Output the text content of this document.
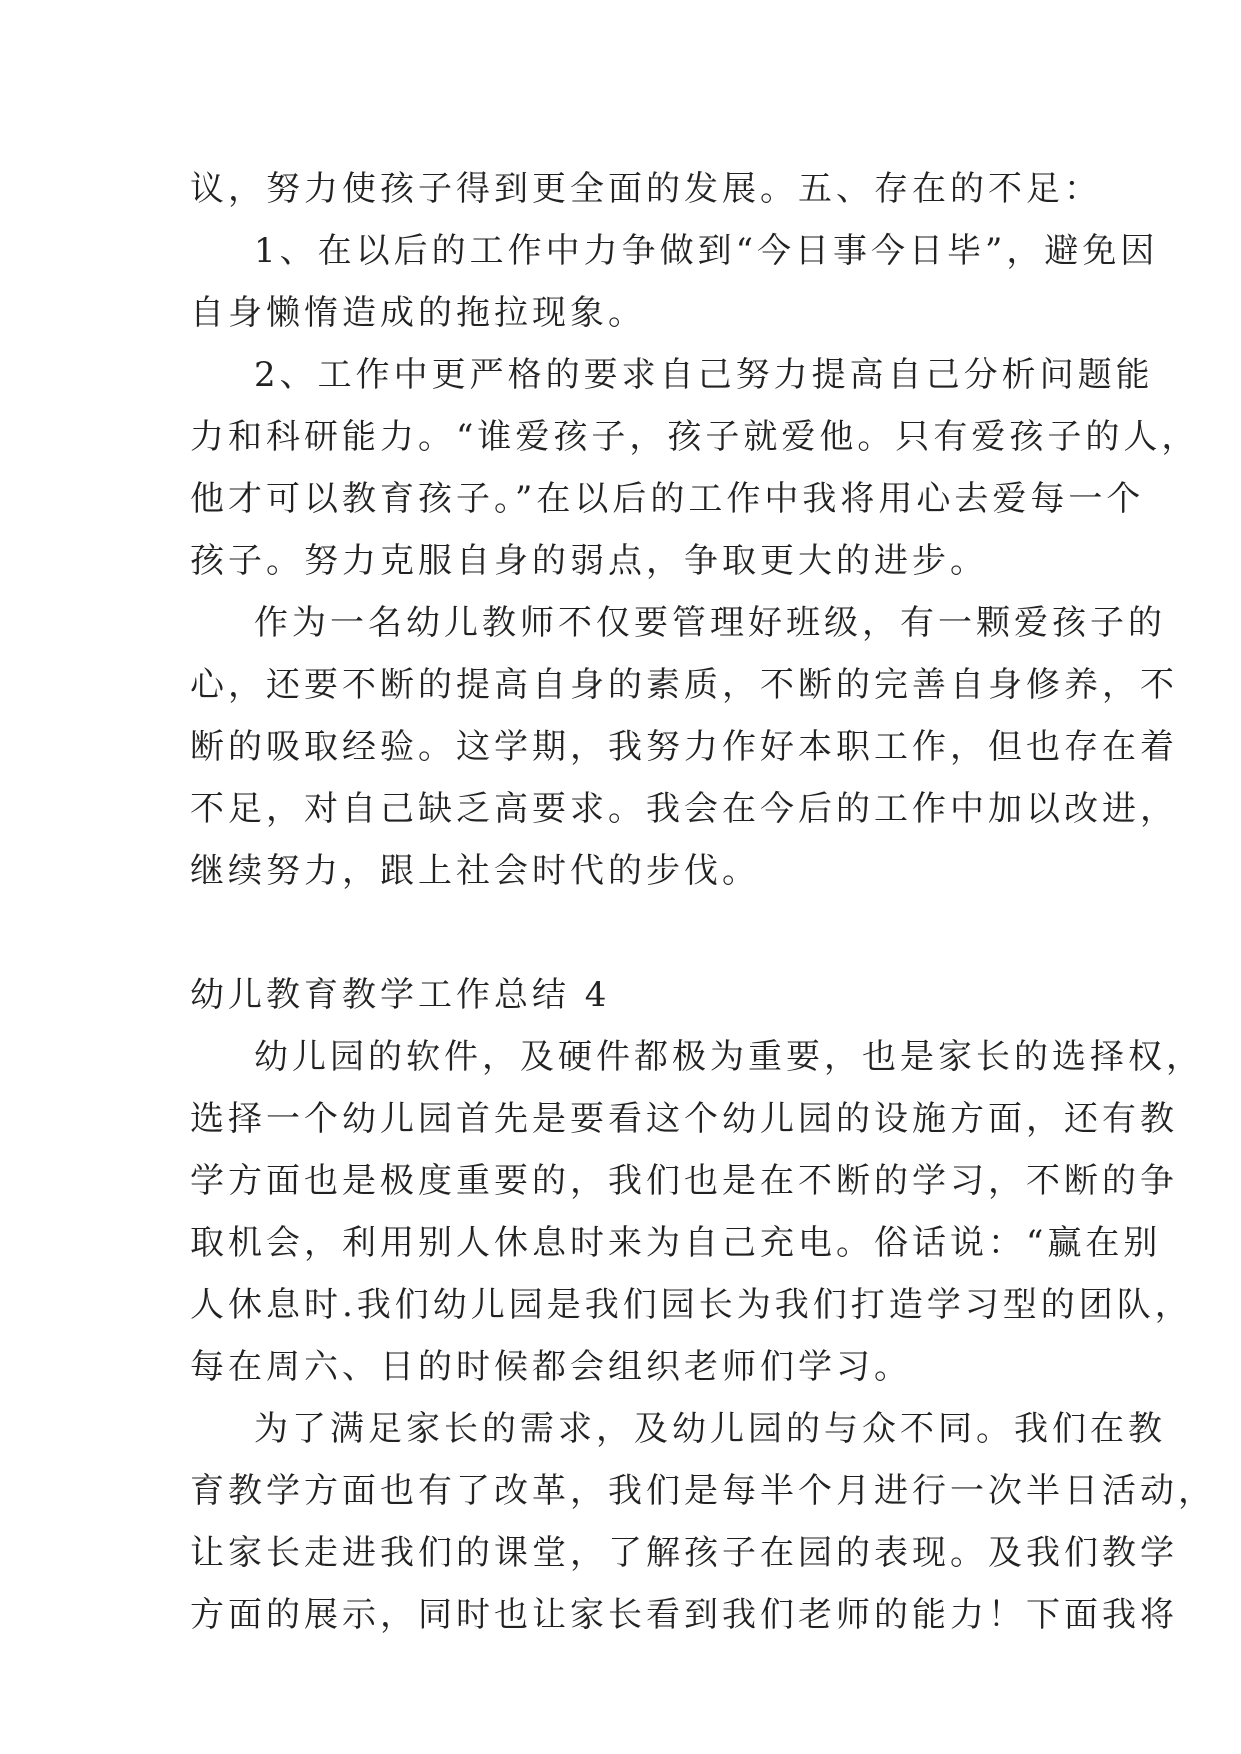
议，努力使孩子得到更全面的发展。五、存在的不足：
1、在以后的工作中力争做到“今日事今日毕”，避免因
自身懒惰造成的拖拉现象。
2、工作中更严格的要求自己努力提高自己分析问题能
力和科研能力。“谁爱孩子，孩子就爱他。只有爱孩子的人，
他才可以教育孩子。”在以后的工作中我将用心去爱每一个
孩子。努力克服自身的弱点，争取更大的进步。
作为一名幼儿教师不仅要管理好班级，有一颗爱孩子的
心，还要不断的提高自身的素质，不断的完善自身修养，不
断的吸取经验。这学期，我努力作好本职工作，但也存在着
不足，对自己缺乏高要求。我会在今后的工作中加以改进，
继续努力，跟上社会时代的步伐。
幼儿教育教学工作总结 4
幼儿园的软件，及硬件都极为重要，也是家长的选择权，
选择一个幼儿园首先是要看这个幼儿园的设施方面，还有教
学方面也是极度重要的，我们也是在不断的学习，不断的争
取机会，利用别人休息时来为自己充电。俗话说：“赢在别
人休息时.我们幼儿园是我们园长为我们打造学习型的团队，
每在周六、日的时候都会组织老师们学习。
为了满足家长的需求，及幼儿园的与众不同。我们在教
育教学方面也有了改革，我们是每半个月进行一次半日活动，
让家长走进我们的课堂，了解孩子在园的表现。及我们教学
方面的展示，同时也让家长看到我们老师的能力！下面我将
